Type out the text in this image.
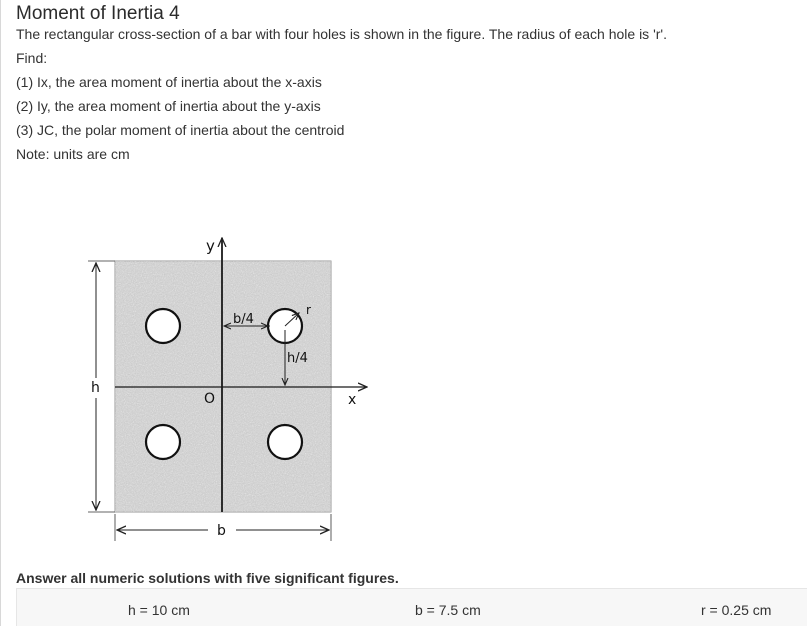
Moment of Inertia 4
The rectangular cross-section of a bar with four holes is shown in the figure. The radius of each hole is 'r'.
Find:
(1) Ix, the area moment of inertia about the x-axis
(2) Iy, the area moment of inertia about the y-axis
(3) JC, the polar moment of inertia about the centroid
Note: units are cm
y
x
O
h
b
b/4
h/4
r
Answer all numeric solutions with five significant figures.
h = 10 cm	b = 7.5 cm	r = 0.25 cm
